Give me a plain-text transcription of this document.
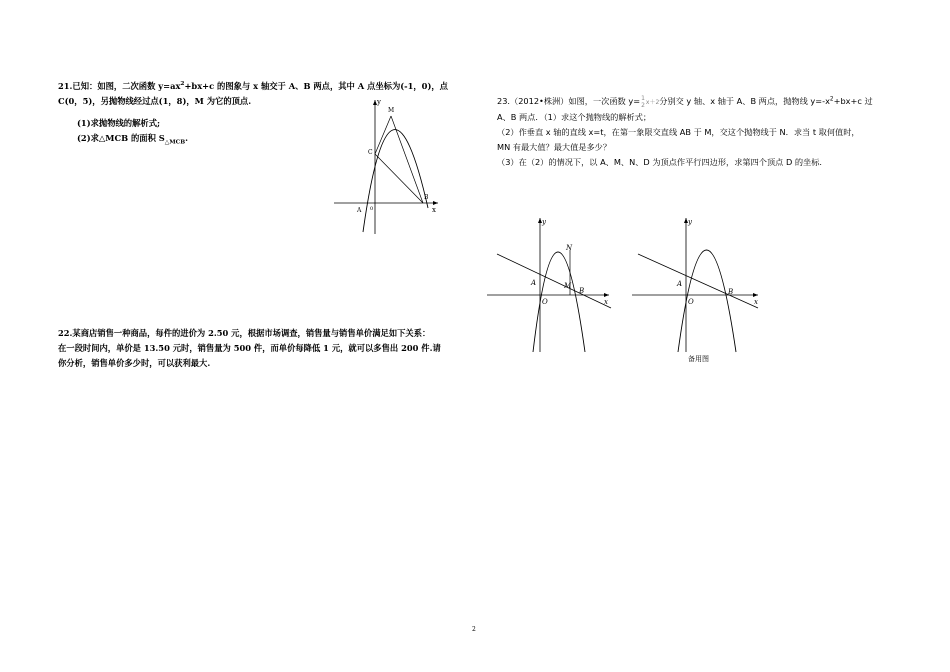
21.已知：如图，二次函数 $y=ax^2+bx+c$ 的图象与 x 轴交于 A、B 两点，其中 A 点坐标为(-1，0)，点
C(0，5)，另抛物线经过点(1，8)，M 为它的顶点.
(1)求抛物线的解析式;
(2)求△MCB 的面积 $S_{\triangle MCB}$.
y
x
M
C
A 0
B
22.某商店销售一种商品，每件的进价为 2.50 元，根据市场调查，销售量与销售单价满足如下关系：
在一段时间内，单价是 13.50 元时，销售量为 500 件，而单价每降低 1 元，就可以多售出 200 件.请
你分析，销售单价多少时，可以获利最大.
23.（2012•株洲）如图，一次函数 y= 1
2 x＋2分别交 y 轴、x 轴于 A、B 两点，抛物线 $y=-x^2+bx+c$ 过
A、B 两点．（1）求这个抛物线的解析式；
（2）作垂直 x 轴的直线 x=t，在第一象限交直线 AB 于 M，交这个抛物线于 N．求当 t 取何值时，
MN 有最大值？最大值是多少？
（3）在（2）的情况下，以 A、M、N、D 为顶点作平行四边形，求第四个顶点 D 的坐标.
y
x
N
A	M
B
O
y
x
A
B
O
备用图
2
